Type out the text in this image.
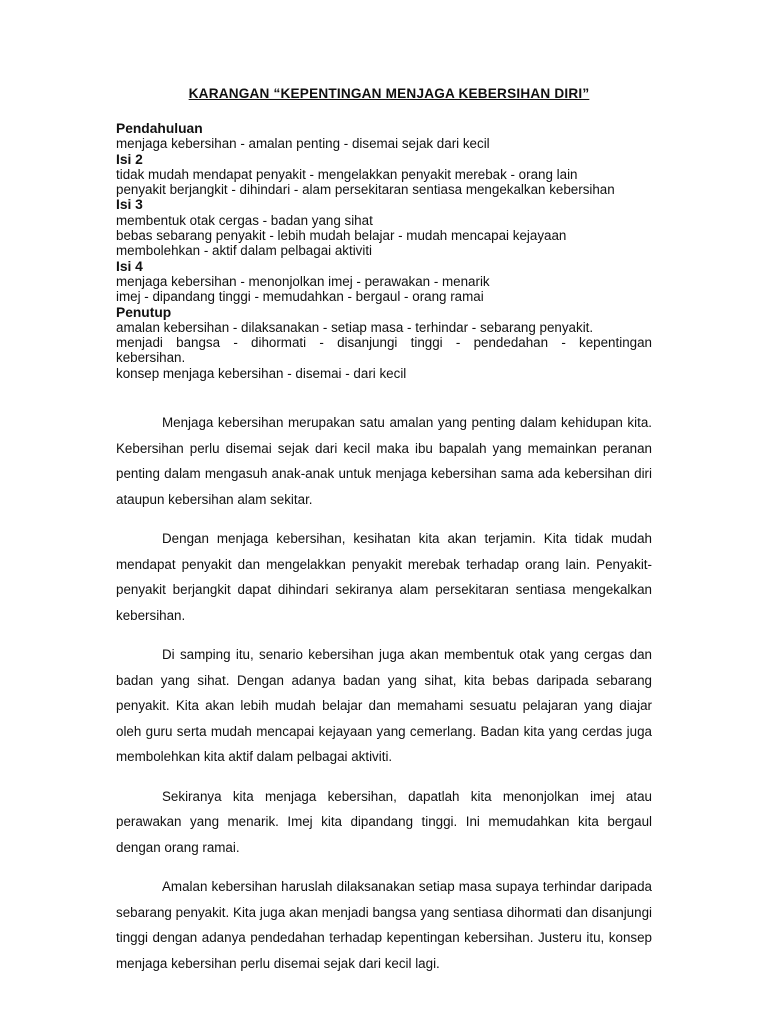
KARANGAN “KEPENTINGAN MENJAGA KEBERSIHAN DIRI”
Pendahuluan
menjaga kebersihan - amalan penting - disemai sejak dari kecil
Isi 2
tidak mudah mendapat penyakit - mengelakkan penyakit merebak - orang lain
penyakit berjangkit - dihindari - alam persekitaran sentiasa mengekalkan kebersihan
Isi 3
membentuk otak cergas - badan yang sihat
bebas sebarang penyakit - lebih mudah belajar - mudah mencapai kejayaan
membolehkan - aktif dalam pelbagai aktiviti
Isi 4
menjaga kebersihan - menonjolkan imej - perawakan - menarik
imej - dipandang tinggi - memudahkan - bergaul - orang ramai
Penutup
amalan kebersihan - dilaksanakan - setiap masa - terhindar - sebarang penyakit.
menjadi bangsa - dihormati - disanjungi tinggi - pendedahan - kepentingan
kebersihan.
konsep menjaga kebersihan - disemai - dari kecil

Menjaga kebersihan merupakan satu amalan yang penting dalam kehidupan kita. Kebersihan perlu disemai sejak dari kecil maka ibu bapalah yang memainkan peranan penting dalam mengasuh anak-anak untuk menjaga kebersihan sama ada kebersihan diri ataupun kebersihan alam sekitar.

Dengan menjaga kebersihan, kesihatan kita akan terjamin. Kita tidak mudah mendapat penyakit dan mengelakkan penyakit merebak terhadap orang lain. Penyakit-penyakit berjangkit dapat dihindari sekiranya alam persekitaran sentiasa mengekalkan kebersihan.

Di samping itu, senario kebersihan juga akan membentuk otak yang cergas dan badan yang sihat. Dengan adanya badan yang sihat, kita bebas daripada sebarang penyakit. Kita akan lebih mudah belajar dan memahami sesuatu pelajaran yang diajar oleh guru serta mudah mencapai kejayaan yang cemerlang. Badan kita yang cerdas juga membolehkan kita aktif dalam pelbagai aktiviti.

Sekiranya kita menjaga kebersihan, dapatlah kita menonjolkan imej atau perawakan yang menarik. Imej kita dipandang tinggi. Ini memudahkan kita bergaul dengan orang ramai.

Amalan kebersihan haruslah dilaksanakan setiap masa supaya terhindar daripada sebarang penyakit. Kita juga akan menjadi bangsa yang sentiasa dihormati dan disanjungi tinggi dengan adanya pendedahan terhadap kepentingan kebersihan. Justeru itu, konsep menjaga kebersihan perlu disemai sejak dari kecil lagi.
